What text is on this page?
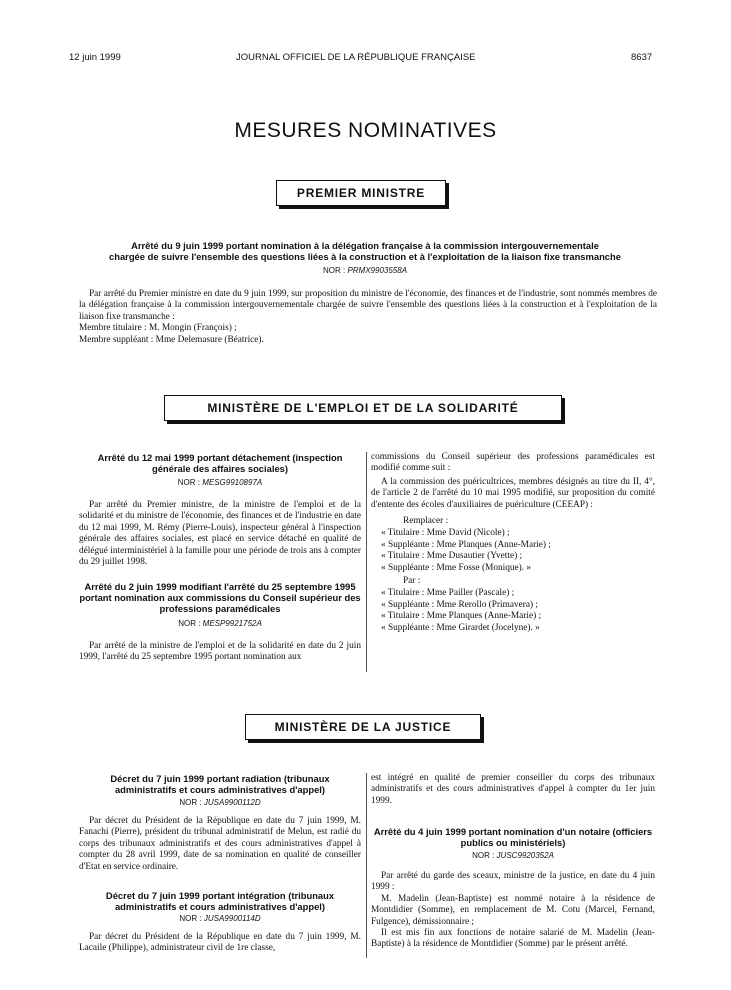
12 juin 1999	JOURNAL OFFICIEL DE LA RÉPUBLIQUE FRANÇAISE	8637
MESURES NOMINATIVES
PREMIER MINISTRE
Arrêté du 9 juin 1999 portant nomination à la délégation française à la commission intergouvernementale
chargée de suivre l'ensemble des questions liées à la construction et à l'exploitation de la liaison fixe transmanche
NOR : PRMX9903558A

Par arrêté du Premier ministre en date du 9 juin 1999, sur proposition du ministre de l'économie, des finances et de l'industrie, sont nommés membres de la délégation française à la commission intergouvernementale chargée de suivre l'ensemble des questions liées à la construction et à l'exploitation de la liaison fixe transmanche :

Membre titulaire : M. Mongin (François) ;

Membre suppléant : Mme Delemasure (Béatrice).

MINISTÈRE DE L'EMPLOI ET DE LA SOLIDARITÉ
Arrêté du 12 mai 1999 portant détachement (inspection générale des affaires sociales)
NOR : MESG9910897A

Par arrêté du Premier ministre, de la ministre de l'emploi et de la solidarité et du ministre de l'économie, des finances et de l'industrie en date du 12 mai 1999, M. Rémy (Pierre-Louis), inspecteur général à l'inspection générale des affaires sociales, est placé en service détaché en qualité de délégué interministériel à la famille pour une période de trois ans à compter du 29 juillet 1998.

Arrêté du 2 juin 1999 modifiant l'arrêté du 25 septembre 1995 portant nomination aux commissions du Conseil supérieur des professions paramédicales
NOR : MESP9921752A

Par arrêté de la ministre de l'emploi et de la solidarité en date du 2 juin 1999, l'arrêté du 25 septembre 1995 portant nomination aux

commissions du Conseil supérieur des professions paramédicales est modifié comme suit :

A la commission des puéricultrices, membres désignés au titre du II, 4°, de l'article 2 de l'arrêté du 10 mai 1995 modifié, sur proposition du comité d'entente des écoles d'auxiliaires de puériculture (CEEAP) :

Remplacer :

« Titulaire : Mme David (Nicole) ;

« Suppléante : Mme Planques (Anne-Marie) ;

« Titulaire : Mme Dusautier (Yvette) ;

« Suppléante : Mme Fosse (Monique). »

Par :

« Titulaire : Mme Pailler (Pascale) ;

« Suppléante : Mme Rerollo (Primavera) ;

« Titulaire : Mme Planques (Anne-Marie) ;

« Suppléante : Mme Girardet (Jocelyne). »

MINISTÈRE DE LA JUSTICE
Décret du 7 juin 1999 portant radiation (tribunaux administratifs et cours administratives d'appel)
NOR : JUSA9900112D

Par décret du Président de la République en date du 7 juin 1999, M. Fanachi (Pierre), président du tribunal administratif de Melun, est radié du corps des tribunaux administratifs et des cours administratives d'appel à compter du 28 avril 1999, date de sa nomination en qualité de conseiller d'Etat en service ordinaire.

Décret du 7 juin 1999 portant intégration (tribunaux administratifs et cours administratives d'appel)
NOR : JUSA9900114D

Par décret du Président de la République en date du 7 juin 1999, M. Lacaile (Philippe), administrateur civil de 1re classe,

est intégré en qualité de premier conseiller du corps des tribunaux administratifs et des cours administratives d'appel à compter du 1er juin 1999.

Arrêté du 4 juin 1999 portant nomination d'un notaire (officiers publics ou ministériels)
NOR : JUSC9920352A

Par arrêté du garde des sceaux, ministre de la justice, en date du 4 juin 1999 :

M. Madelin (Jean-Baptiste) est nommé notaire à la résidence de Montdidier (Somme), en remplacement de M. Cotu (Marcel, Fernand, Fulgence), démissionnaire ;

Il est mis fin aux fonctions de notaire salarié de M. Madelin (Jean-Baptiste) à la résidence de Montdidier (Somme) par le présent arrêté.
